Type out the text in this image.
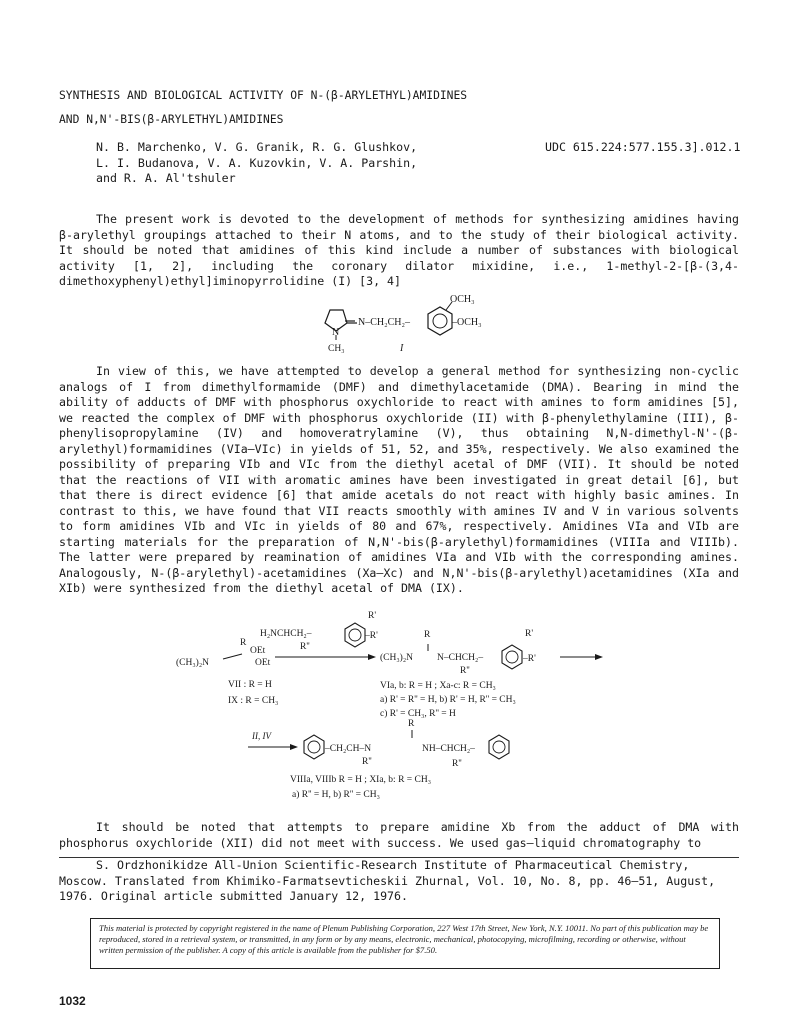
SYNTHESIS AND BIOLOGICAL ACTIVITY OF N-(β-ARYLETHYL)AMIDINES
AND N,N'-BIS(β-ARYLETHYL)AMIDINES
N. B. Marchenko, V. G. Granik, R. G. Glushkov,
L. I. Budanova, V. A. Kuzovkin, V. A. Parshin,
and R. A. Al'tshuler
UDC 615.224:577.155.3].012.1
The present work is devoted to the development of methods for synthesizing amidines having β-arylethyl groupings attached to their N atoms, and to the study of their biological activity. It should be noted that amidines of this kind include a number of substances with biological activity [1, 2], including the coronary dilator mixidine, i.e., 1-methyl-2-[β-(3,4-dimethoxyphenyl)ethyl]iminopyrrolidine (I) [3, 4]
N
CH₃
N–CH₂CH₂–
OCH₃
–OCH₃
I
In view of this, we have attempted to develop a general method for synthesizing non-cyclic analogs of I from dimethylformamide (DMF) and dimethylacetamide (DMA). Bearing in mind the ability of adducts of DMF with phosphorus oxychloride to react with amines to form amidines [5], we reacted the complex of DMF with phosphorus oxychloride (II) with β-phenylethylamine (III), β-phenylisopropylamine (IV) and homoveratrylamine (V), thus obtaining N,N-dimethyl-N'-(β-arylethyl)formamidines (VIa–VIc) in yields of 51, 52, and 35%, respectively. We also examined the possibility of preparing VIb and VIc from the diethyl acetal of DMF (VII). It should be noted that the reactions of VII with aromatic amines have been investigated in great detail [6], but that there is direct evidence [6] that amide acetals do not react with highly basic amines. In contrast to this, we have found that VII reacts smoothly with amines IV and V in various solvents to form amidines VIb and VIc in yields of 80 and 67%, respectively. Amidines VIa and VIb are starting materials for the preparation of N,N'-bis(β-arylethyl)formamidines (VIIIa and VIIIb). The latter were prepared by reamination of amidines VIa and VIb with the corresponding amines. Analogously, N-(β-arylethyl)-acetamidines (Xa–Xc) and N,N'-bis(β-arylethyl)acetamidines (XIa and XIb) were synthesized from the diethyl acetal of DMA (IX).
R
OEt
(CH₃)₂N	OEt
VII : R = H
IX : R = CH₃
H₂NCHCH₂–
R'
–R'
R''
R
(CH₃)₂N	N–CHCH₂–
R''
R'
–R'
VIa, b: R = H ; Xa-c: R = CH₃
a) R' = R'' = H, b) R' = H, R'' = CH₃
c) R' = CH₃, R'' = H
II, IV
–CH₂CH–N
R''
R
NH–CHCH₂–
R''
VIIIa, VIIIb R = H ; XIa, b: R = CH₃
a) R'' = H, b) R'' = CH₃
It should be noted that attempts to prepare amidine Xb from the adduct of DMA with phosphorus oxychloride (XII) did not meet with success. We used gas–liquid chromatography to
S. Ordzhonikidze All-Union Scientific-Research Institute of Pharmaceutical Chemistry, Moscow. Translated from Khimiko-Farmatsevticheskii Zhurnal, Vol. 10, No. 8, pp. 46–51, August, 1976. Original article submitted January 12, 1976.
This material is protected by copyright registered in the name of Plenum Publishing Corporation, 227 West 17th Street, New York, N.Y. 10011. No part of this publication may be reproduced, stored in a retrieval system, or transmitted, in any form or by any means, electronic, mechanical, photocopying, microfilming, recording or otherwise, without written permission of the publisher. A copy of this article is available from the publisher for $7.50.
1032
